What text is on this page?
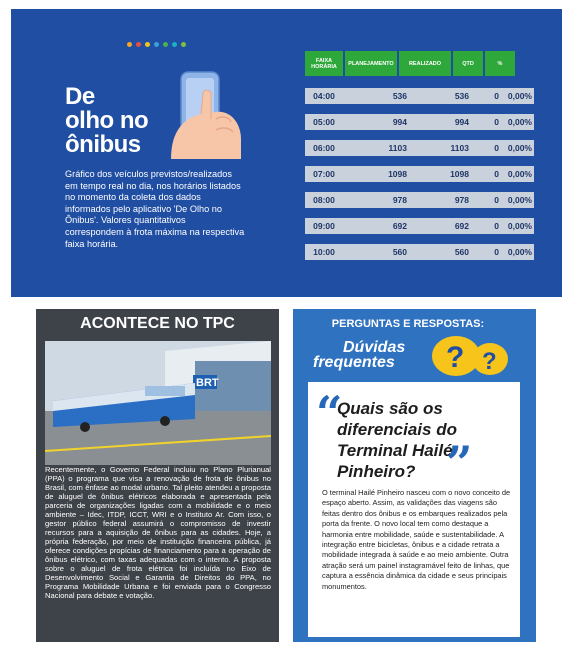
De
olho no
ônibus
Gráfico dos veículos previstos/realizados em tempo real no dia, nos horários listados no momento da coleta dos dados informados pelo aplicativo 'De Olho no Ônibus'. Valores quantitativos correspondem à frota máxima na respectiva faixa horária.
FAIXA HORÁRIA	PLANEJAMENTO	REALIZADO	QTD	%
04:00	536	536	0	0,00%
05:00	994	994	0	0,00%
06:00	1103	1103	0	0,00%
07:00	1098	1098	0	0,00%
08:00	978	978	0	0,00%
09:00	692	692	0	0,00%
10:00	560	560	0	0,00%
ACONTECE NO TPC
BRT
Recentemente, o Governo Federal incluiu no Plano Plurianual (PPA) o programa que visa a renovação de frota de ônibus no Brasil, com ênfase ao modal urbano. Tal pleito atendeu a proposta de aluguel de ônibus elétricos elaborada e apresentada pela parceria de organizações ligadas com a mobilidade e o meio ambiente – Idec, ITDP, ICCT, WRI e o Instituto Ar. Com isso, o gestor público federal assumirá o compromisso de investir recursos para a aquisição de ônibus para as cidades. Hoje, a própria federação, por meio de instituição financeira pública, já oferece condições propícias de financiamento para a operação de ônibus elétrico, com taxas adequadas com o intento. A proposta sobre o aluguel de frota elétrica foi incluída no Eixo de Desenvolvimento Social e Garantia de Direitos do PPA, no Programa Mobilidade Urbana e foi enviada para o Congresso Nacional para debate e votação.
PERGUNTAS E RESPOSTAS:
Dúvidas
frequentes	? ?
“
Quais são os diferenciais do Terminal Hailé Pinheiro? ”
O terminal Hailé Pinheiro nasceu com o novo conceito de espaço aberto. Assim, as validações das viagens são feitas dentro dos ônibus e os embarques realizados pela porta da frente. O novo local tem como destaque a harmonia entre mobilidade, saúde e sustentabilidade. A integração entre bicicletas, ônibus e a cidade retrata a mobilidade integrada à saúde e ao meio ambiente. Outra atração será um painel instagramável feito de linhas, que captura a essência dinâmica da cidade e seus principais monumentos.
